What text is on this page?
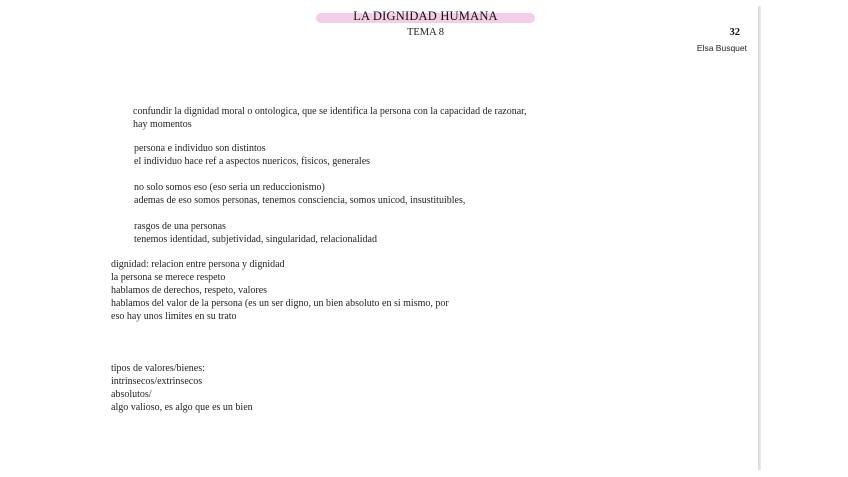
LA DIGNIDAD HUMANA
TEMA 8	32
Elsa Busquet
confundir la dignidad moral o ontologica, que se identifica la persona con la capacidad de razonar,
hay momentos
persona e individuo son distintos
el individuo hace ref a aspectos nuericos, fisicos, generales
no solo somos eso (eso seria un reduccionismo)
ademas de eso somos personas, tenemos consciencia, somos unicod, insustituibles,
rasgos de una personas
tenemos identidad, subjetividad, singularidad, relacionalidad
dignidad: relacion entre persona y dignidad
la persona se merece respeto
hablamos de derechos, respeto, valores
hablamos del valor de la persona (es un ser digno, un bien absoluto en si mismo, por
eso hay unos limites en su trato
tipos de valores/bienes:
intrinsecos/extrinsecos
absolutos/
algo valioso, es algo que es un bien
